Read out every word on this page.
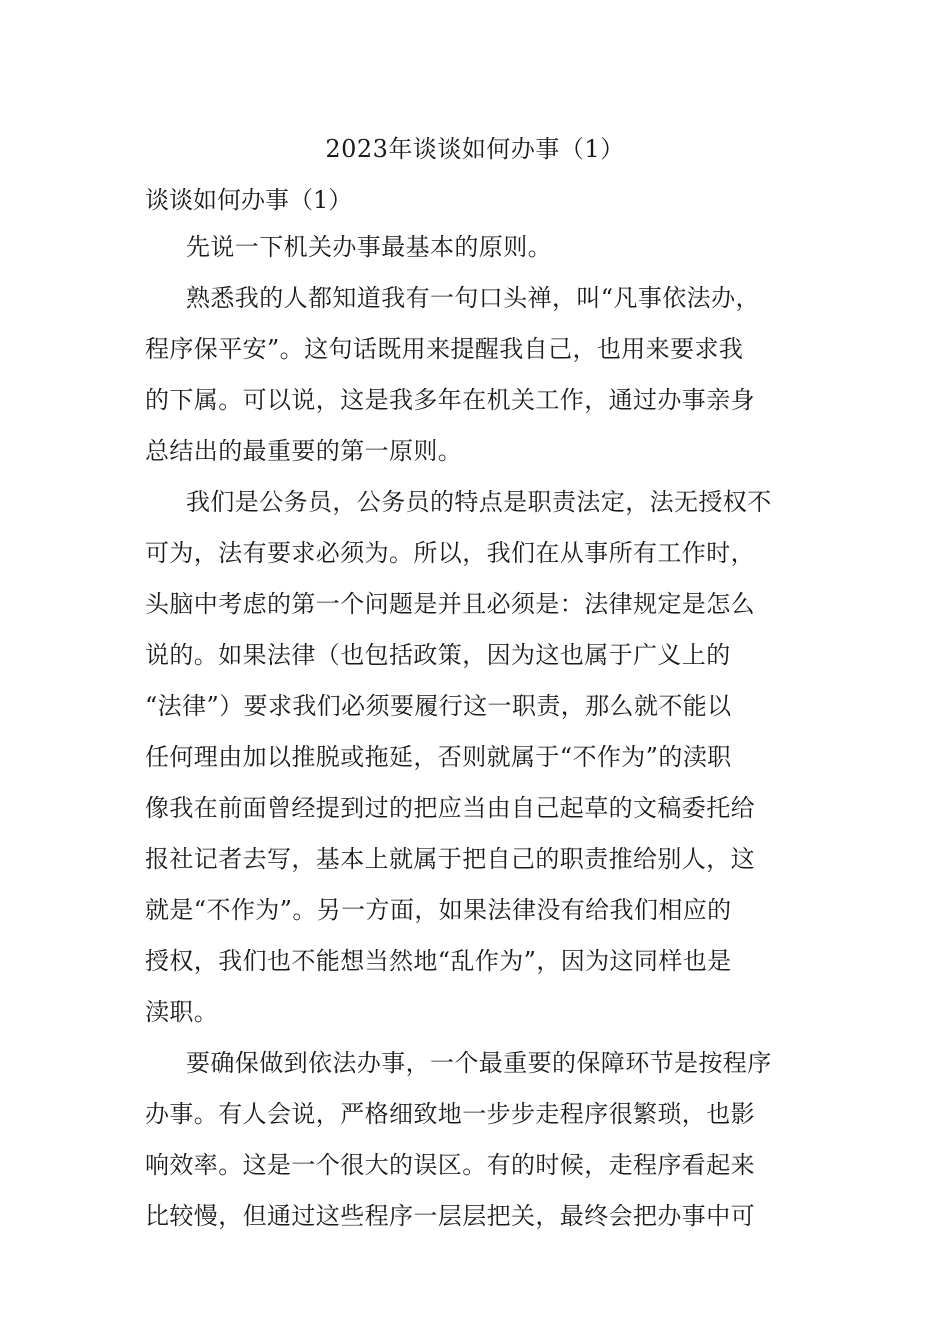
2023年谈谈如何办事（1）
谈谈如何办事（1）

先说一下机关办事最基本的原则。

熟悉我的人都知道我有一句口头禅，叫“凡事依法办，
程序保平安”。这句话既用来提醒我自己，也用来要求我
的下属。可以说，这是我多年在机关工作，通过办事亲身
总结出的最重要的第一原则。

我们是公务员，公务员的特点是职责法定，法无授权不
可为，法有要求必须为。所以，我们在从事所有工作时，
头脑中考虑的第一个问题是并且必须是：法律规定是怎么
说的。如果法律（也包括政策，因为这也属于广义上的
“法律”）要求我们必须要履行这一职责，那么就不能以
任何理由加以推脱或拖延，否则就属于“不作为”的渎职
像我在前面曾经提到过的把应当由自己起草的文稿委托给
报社记者去写，基本上就属于把自己的职责推给别人，这
就是“不作为”。另一方面，如果法律没有给我们相应的
授权，我们也不能想当然地“乱作为”，因为这同样也是
渎职。

要确保做到依法办事，一个最重要的保障环节是按程序
办事。有人会说，严格细致地一步步走程序很繁琐，也影
响效率。这是一个很大的误区。有的时候，走程序看起来
比较慢，但通过这些程序一层层把关，最终会把办事中可
